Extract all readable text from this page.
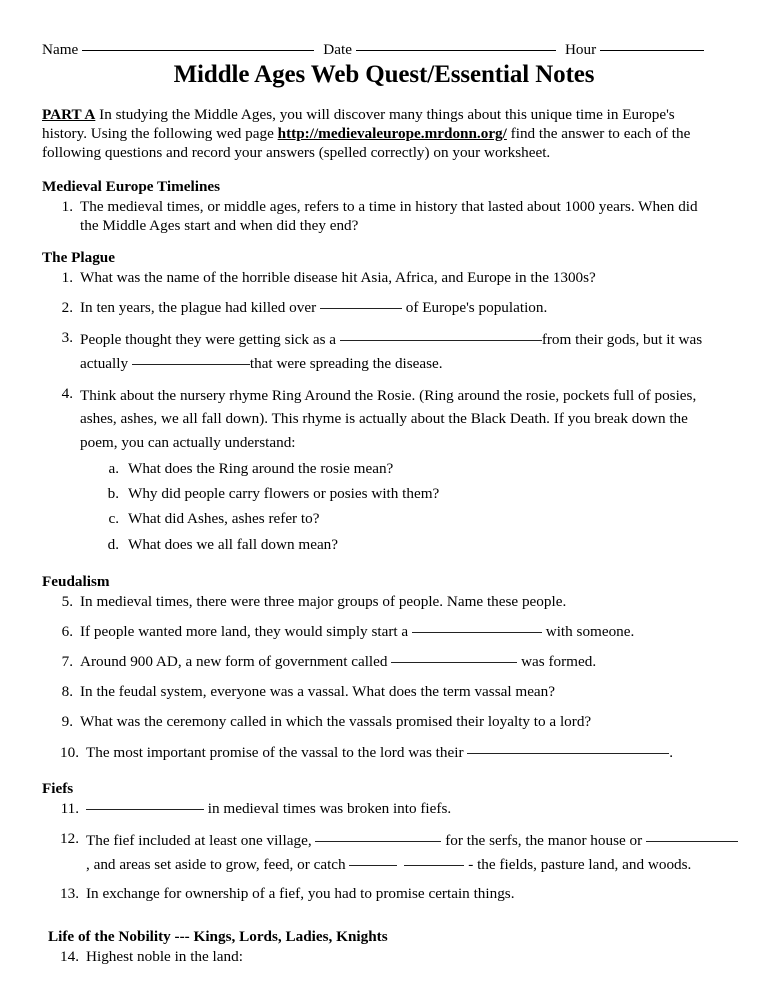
Name	Date	Hour
Middle Ages Web Quest/Essential Notes

PART A In studying the Middle Ages, you will discover many things about this unique time in Europe's history. Using the following wed page http://medievaleurope.mrdonn.org/ find the answer to each of the following questions and record your answers (spelled correctly) on your worksheet.

Medieval Europe Timelines
1. The medieval times, or middle ages, refers to a time in history that lasted about 1000 years. When did
the Middle Ages start and when did they end?
The Plague
1. What was the name of the horrible disease hit Asia, Africa, and Europe in the 1300s?
2. In ten years, the plague had killed over	of Europe's population.
3. People thought they were getting sick as a	from their gods, but it was
actually	that were spreading the disease.
4. Think about the nursery rhyme Ring Around the Rosie. (Ring around the rosie, pockets full of posies,
ashes, ashes, we all fall down). This rhyme is actually about the Black Death. If you break down the
poem, you can actually understand:
a. What does the Ring around the rosie mean?
b. Why did people carry flowers or posies with them?
c. What did Ashes, ashes refer to?
d. What does we all fall down mean?
Feudalism
5. In medieval times, there were three major groups of people. Name these people.
6. If people wanted more land, they would simply start a	with someone.
7. Around 900 AD, a new form of government called	was formed.
8. In the feudal system, everyone was a vassal. What does the term vassal mean?
9. What was the ceremony called in which the vassals promised their loyalty to a lord?
10. The most important promise of the vassal to the lord was their	.
Fiefs
11.	in medieval times was broken into fiefs.
12. The fief included at least one village,	for the serfs, the manor house or
, and areas set aside to grow, feed, or catch	- the fields, pasture land, and woods.
13. In exchange for ownership of a fief, you had to promise certain things.
Life of the Nobility --- Kings, Lords, Ladies, Knights
14. Highest noble in the land:
